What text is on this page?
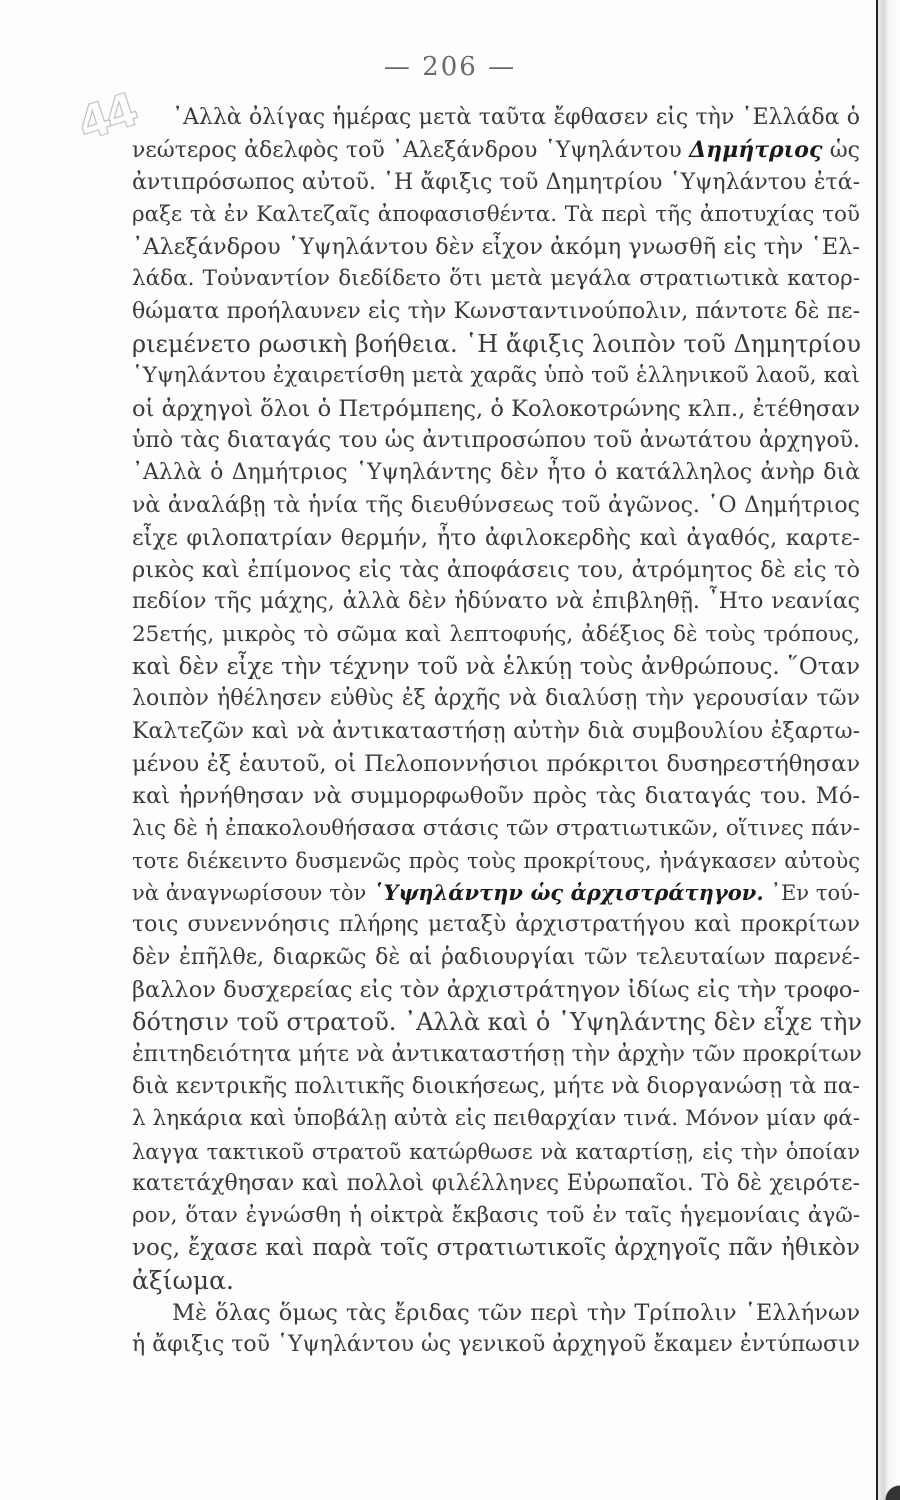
— 206 —
44	᾿Αλλὰ ὀλίγας ἡμέρας μετὰ ταῦτα ἔφθασεν εἰς τὴν ῾Ελλάδα ὁ
νεώτερος ἀδελφὸς τοῦ ᾿Αλεξάνδρου ῾Υψηλάντου Δημήτριος ὡς
ἀντιπρόσωπος αὐτοῦ. ῾Η ἄφιξις τοῦ Δημητρίου ῾Υψηλάντου ἐτά-
ραξε τὰ ἐν Καλτεζαῖς ἀποφασισθέντα. Τὰ περὶ τῆς ἀποτυχίας τοῦ
᾿Αλεξάνδρου ῾Υψηλάντου δὲν εἶχον ἀκόμη γνωσθῆ εἰς τὴν ῾Ελ-
λάδα. Τοὐναντίον διεδίδετο ὅτι μετὰ μεγάλα στρατιωτικὰ κατορ-
θώματα προήλαυνεν εἰς τὴν Κωνσταντινούπολιν, πάντοτε δὲ πε-
ριεμένετο ρωσικὴ βοήθεια. ῾Η ἄφιξις λοιπὸν τοῦ Δημητρίου
῾Υψηλάντου ἐχαιρετίσθη μετὰ χαρᾶς ὑπὸ τοῦ ἑλληνικοῦ λαοῦ, καὶ
οἱ ἀρχηγοὶ ὅλοι ὁ Πετρόμπεης, ὁ Κολοκοτρώνης κλπ., ἐτέθησαν
ὑπὸ τὰς διαταγάς του ὡς ἀντιπροσώπου τοῦ ἀνωτάτου ἀρχηγοῦ.
᾿Αλλὰ ὁ Δημήτριος ῾Υψηλάντης δὲν ἦτο ὁ κατάλληλος ἀνὴρ διὰ
νὰ ἀναλάβῃ τὰ ἡνία τῆς διευθύνσεως τοῦ ἀγῶνος. ῾Ο Δημήτριος
εἶχε φιλοπατρίαν θερμήν, ἦτο ἀφιλοκερδὴς καὶ ἀγαθός, καρτε-
ρικὸς καὶ ἐπίμονος εἰς τὰς ἀποφάσεις του, ἀτρόμητος δὲ εἰς τὸ
πεδίον τῆς μάχης, ἀλλὰ δὲν ἠδύνατο νὰ ἐπιβληθῇ. ῏Ητο νεανίας
25ετής, μικρὸς τὸ σῶμα καὶ λεπτοφυής, ἀδέξιος δὲ τοὺς τρόπους,
καὶ δὲν εἶχε τὴν τέχνην τοῦ νὰ ἑλκύῃ τοὺς ἀνθρώπους. ῞Οταν
λοιπὸν ἠθέλησεν εὐθὺς ἐξ ἀρχῆς νὰ διαλύσῃ τὴν γερουσίαν τῶν
Καλτεζῶν καὶ νὰ ἀντικαταστήσῃ αὐτὴν διὰ συμβουλίου ἐξαρτω-
μένου ἐξ ἑαυτοῦ, οἱ Πελοποννήσιοι πρόκριτοι δυσηρεστήθησαν
καὶ ἠρνήθησαν νὰ συμμορφωθοῦν πρὸς τὰς διαταγάς του. Μό-
λις δὲ ἡ ἐπακολουθήσασα στάσις τῶν στρατιωτικῶν, οἵτινες πάν-
τοτε διέκειντο δυσμενῶς πρὸς τοὺς προκρίτους, ἠνάγκασεν αὐτοὺς
νὰ ἀναγνωρίσουν τὸν ῾Υψηλάντην ὡς ἀρχιστράτηγον. ᾿Εν τού-
τοις συνεννόησις πλήρης μεταξὺ ἀρχιστρατήγου καὶ προκρίτων
δὲν ἐπῆλθε, διαρκῶς δὲ αἱ ῥαδιουργίαι τῶν τελευταίων παρενέ-
βαλλον δυσχερείας εἰς τὸν ἀρχιστράτηγον ἰδίως εἰς τὴν τροφο-
δότησιν τοῦ στρατοῦ. ᾿Αλλὰ καὶ ὁ ῾Υψηλάντης δὲν εἶχε τὴν
ἐπιτηδειότητα μήτε νὰ ἀντικαταστήσῃ τὴν ἀρχὴν τῶν προκρίτων
διὰ κεντρικῆς πολιτικῆς διοικήσεως, μήτε νὰ διοργανώσῃ τὰ πα-
λ ληκάρια καὶ ὑποβάλῃ αὐτὰ εἰς πειθαρχίαν τινά. Μόνον μίαν φά-
λαγγα τακτικοῦ στρατοῦ κατώρθωσε νὰ καταρτίσῃ, εἰς τὴν ὁποίαν
κατετάχθησαν καὶ πολλοὶ φιλέλληνες Εὐρωπαῖοι. Τὸ δὲ χειρότε-
ρον, ὅταν ἐγνώσθη ἡ οἰκτρὰ ἔκβασις τοῦ ἐν ταῖς ἡγεμονίαις ἀγῶ-
νος, ἔχασε καὶ παρὰ τοῖς στρατιωτικοῖς ἀρχηγοῖς πᾶν ἠθικὸν
ἀξίωμα.
Μὲ ὅλας ὅμως τὰς ἔριδας τῶν περὶ τὴν Τρίπολιν ῾Ελλήνων
ἡ ἄφιξις τοῦ ῾Υψηλάντου ὡς γενικοῦ ἀρχηγοῦ ἔκαμεν ἐντύπωσιν
